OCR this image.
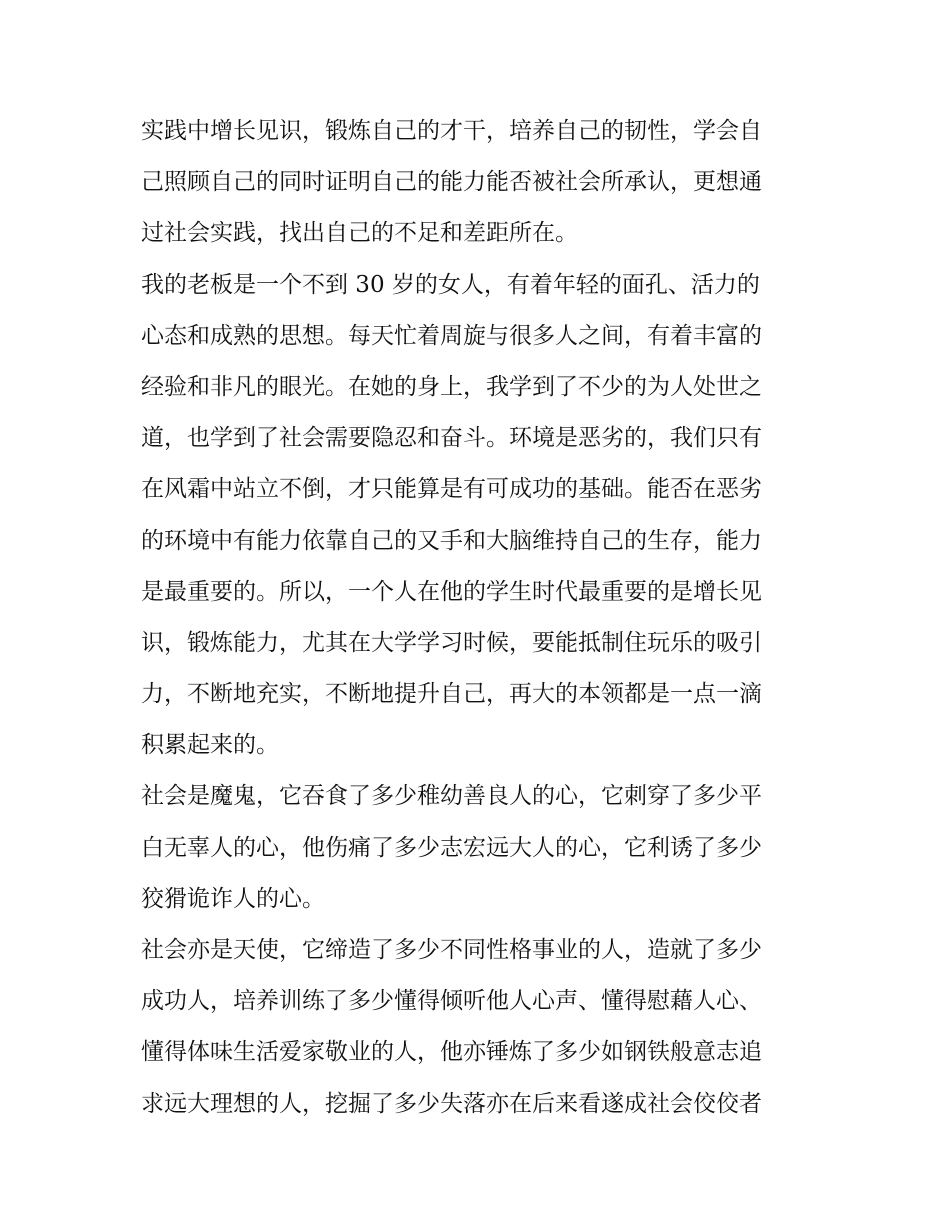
实践中增长见识，锻炼自己的才干，培养自己的韧性，学会自
己照顾自己的同时证明自己的能力能否被社会所承认，更想通
过社会实践，找出自己的不足和差距所在。
我的老板是一个不到 30 岁的女人，有着年轻的面孔、活力的
心态和成熟的思想。每天忙着周旋与很多人之间，有着丰富的
经验和非凡的眼光。在她的身上，我学到了不少的为人处世之
道，也学到了社会需要隐忍和奋斗。环境是恶劣的，我们只有
在风霜中站立不倒，才只能算是有可成功的基础。能否在恶劣
的环境中有能力依靠自己的又手和大脑维持自己的生存，能力
是最重要的。所以，一个人在他的学生时代最重要的是增长见
识，锻炼能力，尤其在大学学习时候，要能抵制住玩乐的吸引
力，不断地充实，不断地提升自己，再大的本领都是一点一滴
积累起来的。
社会是魔鬼，它吞食了多少稚幼善良人的心，它刺穿了多少平
白无辜人的心，他伤痛了多少志宏远大人的心，它利诱了多少
狡猾诡诈人的心。
社会亦是天使，它缔造了多少不同性格事业的人，造就了多少
成功人，培养训练了多少懂得倾听他人心声、懂得慰藉人心、
懂得体味生活爱家敬业的人，他亦锤炼了多少如钢铁般意志追
求远大理想的人，挖掘了多少失落亦在后来看遂成社会佼佼者
